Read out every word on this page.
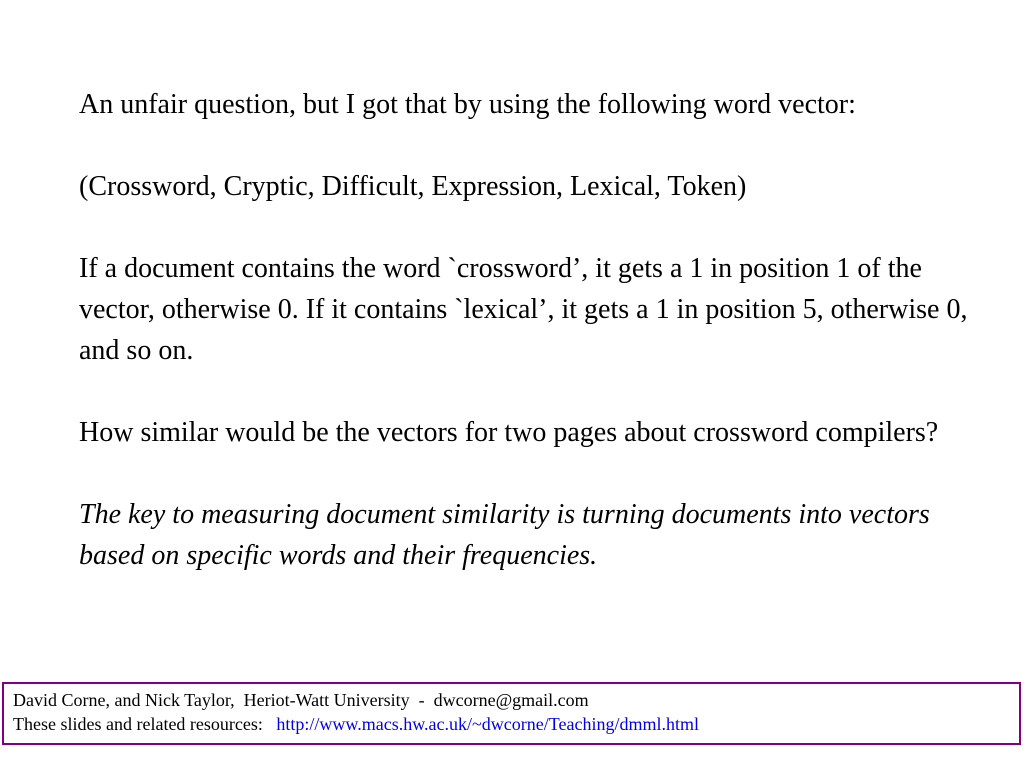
An unfair question, but I got that by using the following word vector:

(Crossword, Cryptic, Difficult, Expression, Lexical, Token)

If a document contains the word `crossword’, it gets a 1 in position 1 of the vector, otherwise 0. If it contains `lexical’, it gets a 1 in position 5, otherwise 0, and so on.

How similar would be the vectors for two pages about crossword compilers?

The key to measuring document similarity is turning documents into vectors based on specific words and their frequencies.

David Corne, and Nick Taylor,  Heriot-Watt University  -  dwcorne@gmail.com
These slides and related resources:   http://www.macs.hw.ac.uk/~dwcorne/Teaching/dmml.html
